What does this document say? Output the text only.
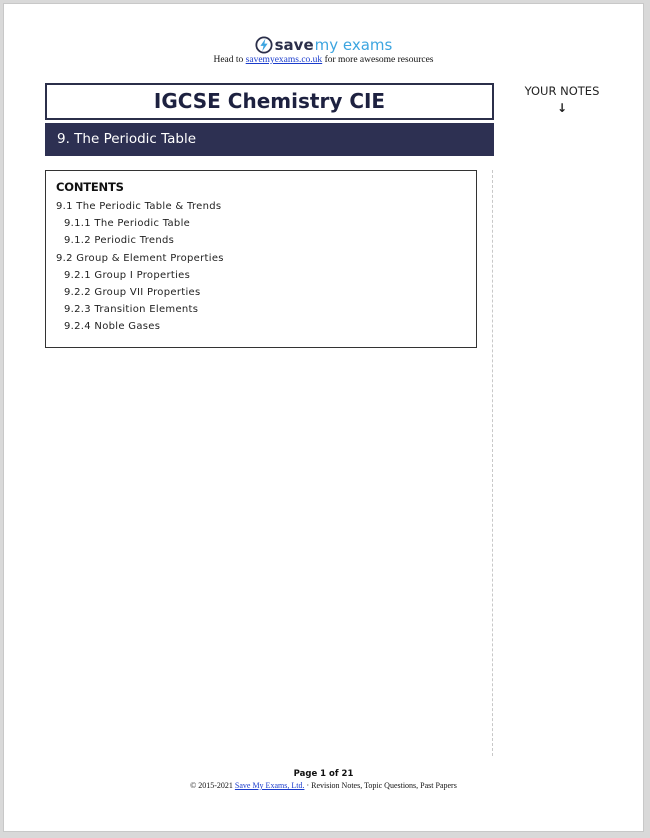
savemy exams
Head to savemyexams.co.uk for more awesome resources
IGCSE Chemistry CIE
9. The Periodic Table
YOUR NOTES
↓
CONTENTS
9.1 The Periodic Table & Trends
9.1.1 The Periodic Table
9.1.2 Periodic Trends
9.2 Group & Element Properties
9.2.1 Group I Properties
9.2.2 Group VII Properties
9.2.3 Transition Elements
9.2.4 Noble Gases
Page 1 of 21
© 2015-2021 Save My Exams, Ltd. · Revision Notes, Topic Questions, Past Papers
